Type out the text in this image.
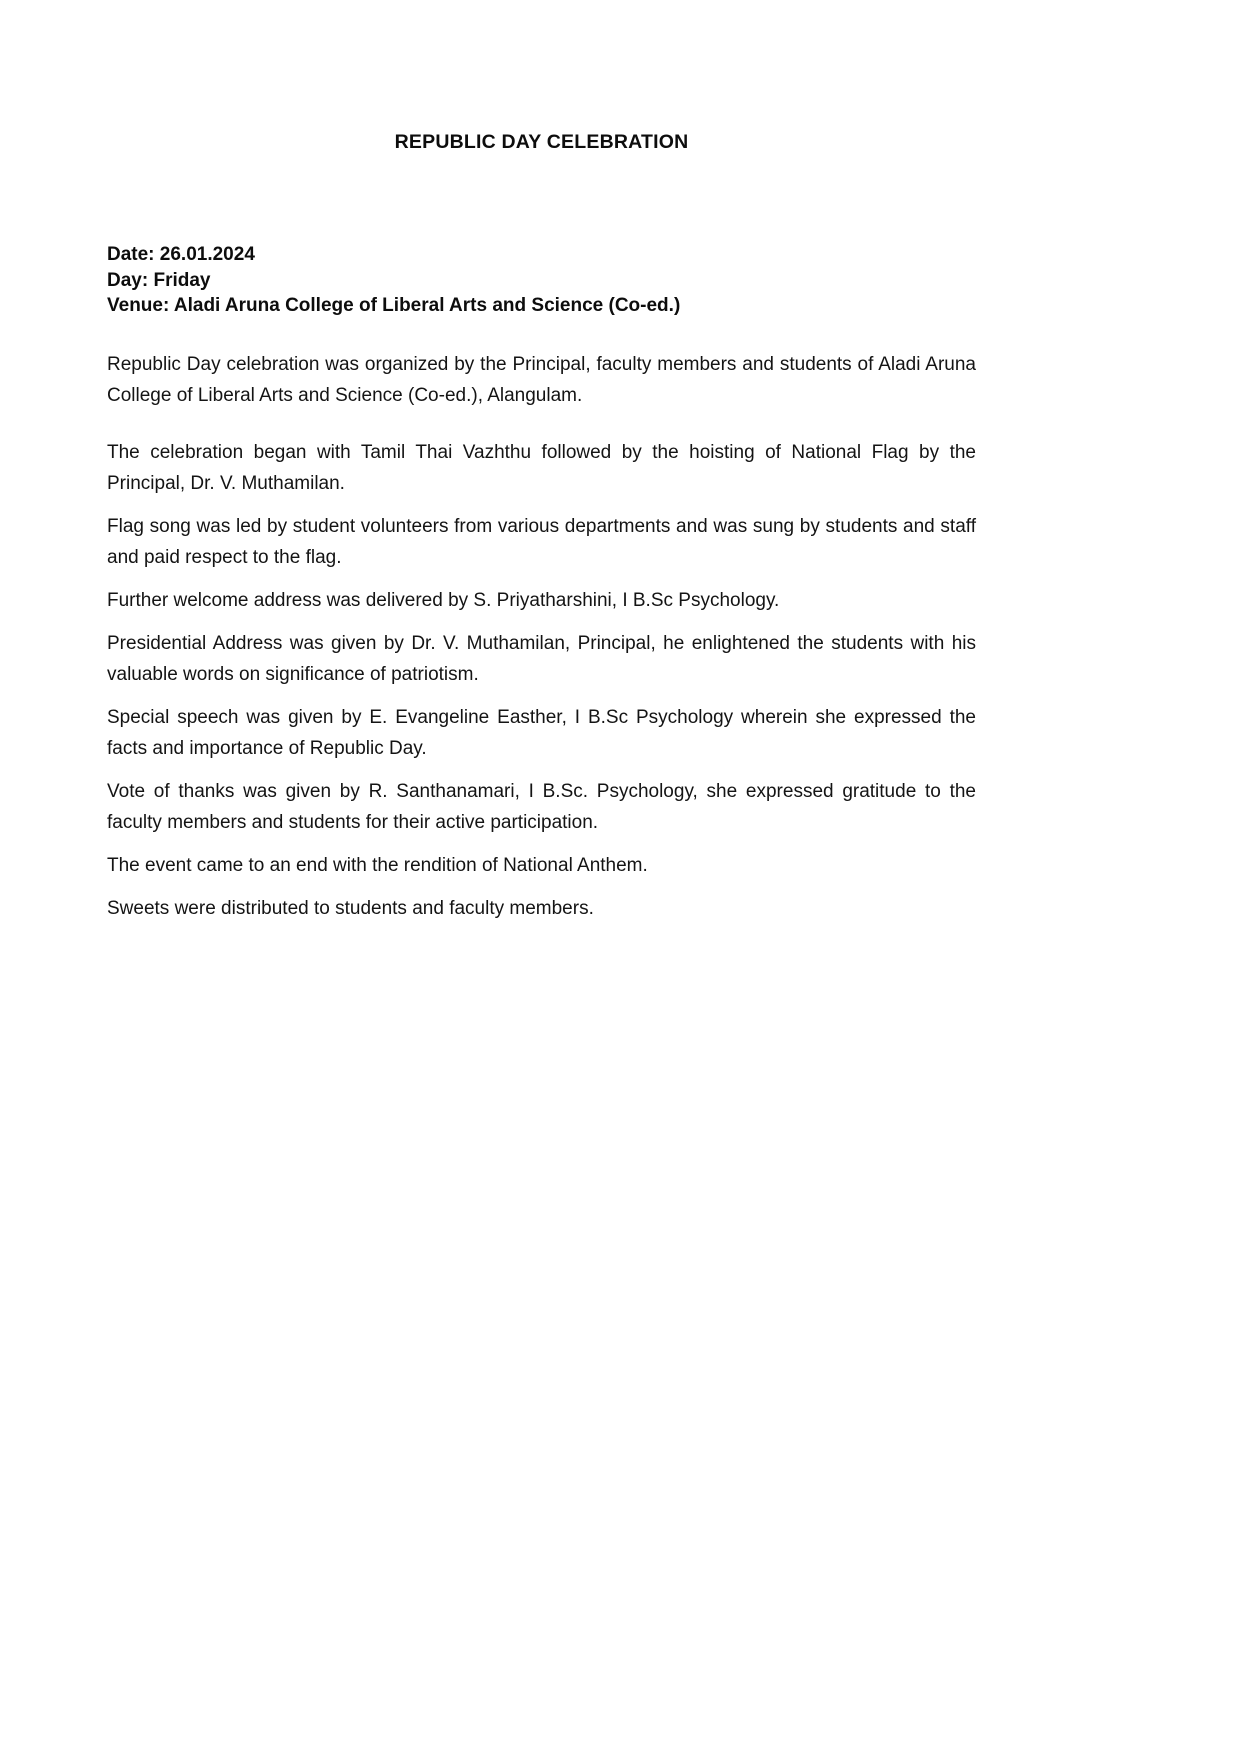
REPUBLIC DAY CELEBRATION

Date: 26.01.2024

Day: Friday

Venue: Aladi Aruna College of Liberal Arts and Science (Co-ed.)

Republic Day celebration was organized by the Principal, faculty members and students of Aladi Aruna College of Liberal Arts and Science (Co-ed.), Alangulam.

The celebration began with Tamil Thai Vazhthu followed by the hoisting of National Flag by the Principal, Dr. V. Muthamilan.

Flag song was led by student volunteers from various departments and was sung by students and staff and paid respect to the flag.

Further welcome address was delivered by S. Priyatharshini, I B.Sc Psychology.

Presidential Address was given by Dr. V. Muthamilan, Principal, he enlightened the students with his valuable words on significance of patriotism.

Special speech was given by E. Evangeline Easther, I B.Sc Psychology wherein she expressed the facts and importance of Republic Day.

Vote of thanks was given by R. Santhanamari, I B.Sc. Psychology, she expressed gratitude to the faculty members and students for their active participation.

The event came to an end with the rendition of National Anthem.

Sweets were distributed to students and faculty members.
